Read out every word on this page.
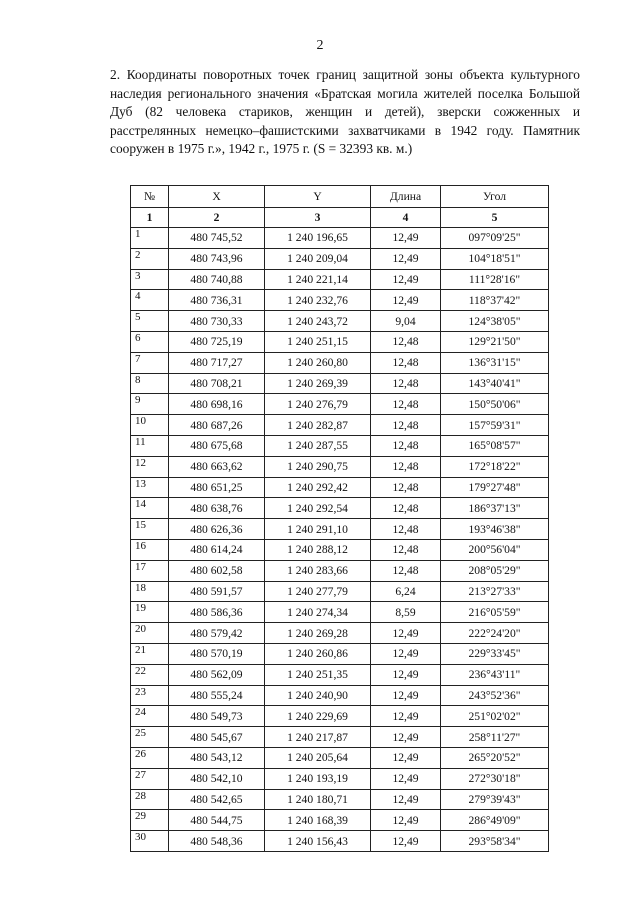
2

2. Координаты поворотных точек границ защитной зоны объекта культурного наследия регионального значения «Братская могила жителей поселка Большой Дуб (82 человека стариков, женщин и детей), зверски сожженных и расстрелянных немецко–фашистскими захватчиками в 1942 году. Памятник сооружен в 1975 г.», 1942 г., 1975 г. (S = 32393 кв. м.)

№	X	Y	Длина	Угол
1	2	3	4	5
1	480 745,52	1 240 196,65	12,49	097°09'25"
2	480 743,96	1 240 209,04	12,49	104°18'51"
3	480 740,88	1 240 221,14	12,49	111°28'16"
4	480 736,31	1 240 232,76	12,49	118°37'42"
5	480 730,33	1 240 243,72	9,04	124°38'05"
6	480 725,19	1 240 251,15	12,48	129°21'50"
7	480 717,27	1 240 260,80	12,48	136°31'15"
8	480 708,21	1 240 269,39	12,48	143°40'41"
9	480 698,16	1 240 276,79	12,48	150°50'06"
10	480 687,26	1 240 282,87	12,48	157°59'31"
11	480 675,68	1 240 287,55	12,48	165°08'57"
12	480 663,62	1 240 290,75	12,48	172°18'22"
13	480 651,25	1 240 292,42	12,48	179°27'48"
14	480 638,76	1 240 292,54	12,48	186°37'13"
15	480 626,36	1 240 291,10	12,48	193°46'38"
16	480 614,24	1 240 288,12	12,48	200°56'04"
17	480 602,58	1 240 283,66	12,48	208°05'29"
18	480 591,57	1 240 277,79	6,24	213°27'33"
19	480 586,36	1 240 274,34	8,59	216°05'59"
20	480 579,42	1 240 269,28	12,49	222°24'20"
21	480 570,19	1 240 260,86	12,49	229°33'45"
22	480 562,09	1 240 251,35	12,49	236°43'11"
23	480 555,24	1 240 240,90	12,49	243°52'36"
24	480 549,73	1 240 229,69	12,49	251°02'02"
25	480 545,67	1 240 217,87	12,49	258°11'27"
26	480 543,12	1 240 205,64	12,49	265°20'52"
27	480 542,10	1 240 193,19	12,49	272°30'18"
28	480 542,65	1 240 180,71	12,49	279°39'43"
29	480 544,75	1 240 168,39	12,49	286°49'09"
30	480 548,36	1 240 156,43	12,49	293°58'34"
